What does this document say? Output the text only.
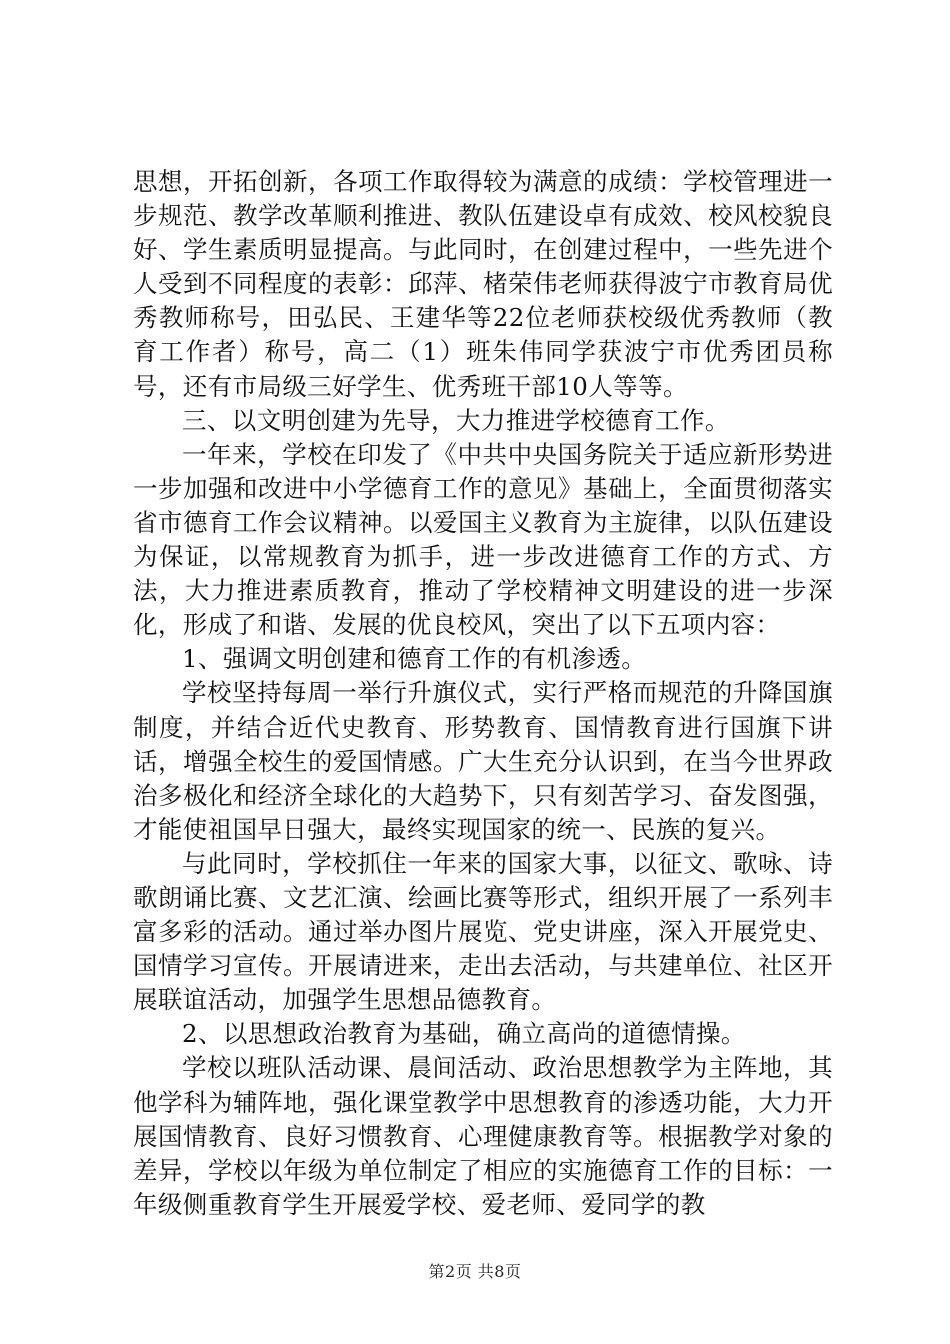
思想，开拓创新，各项工作取得较为满意的成绩：学校管理进一步规范、教学改革顺利推进、教队伍建设卓有成效、校风校貌良好、学生素质明显提高。与此同时，在创建过程中，一些先进个人受到不同程度的表彰：邱萍、楮荣伟老师获得波宁市教育局优秀教师称号，田弘民、王建华等22位老师获校级优秀教师（教育工作者）称号，高二（1）班朱伟同学获波宁市优秀团员称号，还有市局级三好学生、优秀班干部10人等等。

三、以文明创建为先导，大力推进学校德育工作。

一年来，学校在印发了《中共中央国务院关于适应新形势进一步加强和改进中小学德育工作的意见》基础上，全面贯彻落实省市德育工作会议精神。以爱国主义教育为主旋律，以队伍建设为保证，以常规教育为抓手，进一步改进德育工作的方式、方法，大力推进素质教育，推动了学校精神文明建设的进一步深化，形成了和谐、发展的优良校风，突出了以下五项内容：

1、强调文明创建和德育工作的有机渗透。

学校坚持每周一举行升旗仪式，实行严格而规范的升降国旗制度，并结合近代史教育、形势教育、国情教育进行国旗下讲话，增强全校生的爱国情感。广大生充分认识到，在当今世界政治多极化和经济全球化的大趋势下，只有刻苦学习、奋发图强，才能使祖国早日强大，最终实现国家的统一、民族的复兴。

与此同时，学校抓住一年来的国家大事，以征文、歌咏、诗歌朗诵比赛、文艺汇演、绘画比赛等形式，组织开展了一系列丰富多彩的活动。通过举办图片展览、党史讲座，深入开展党史、国情学习宣传。开展请进来，走出去活动，与共建单位、社区开展联谊活动，加强学生思想品德教育。

2、以思想政治教育为基础，确立高尚的道德情操。

学校以班队活动课、晨间活动、政治思想教学为主阵地，其他学科为辅阵地，强化课堂教学中思想教育的渗透功能，大力开展国情教育、良好习惯教育、心理健康教育等。根据教学对象的差异，学校以年级为单位制定了相应的实施德育工作的目标：一年级侧重教育学生开展爱学校、爱老师、爱同学的教

第2页 共8页
